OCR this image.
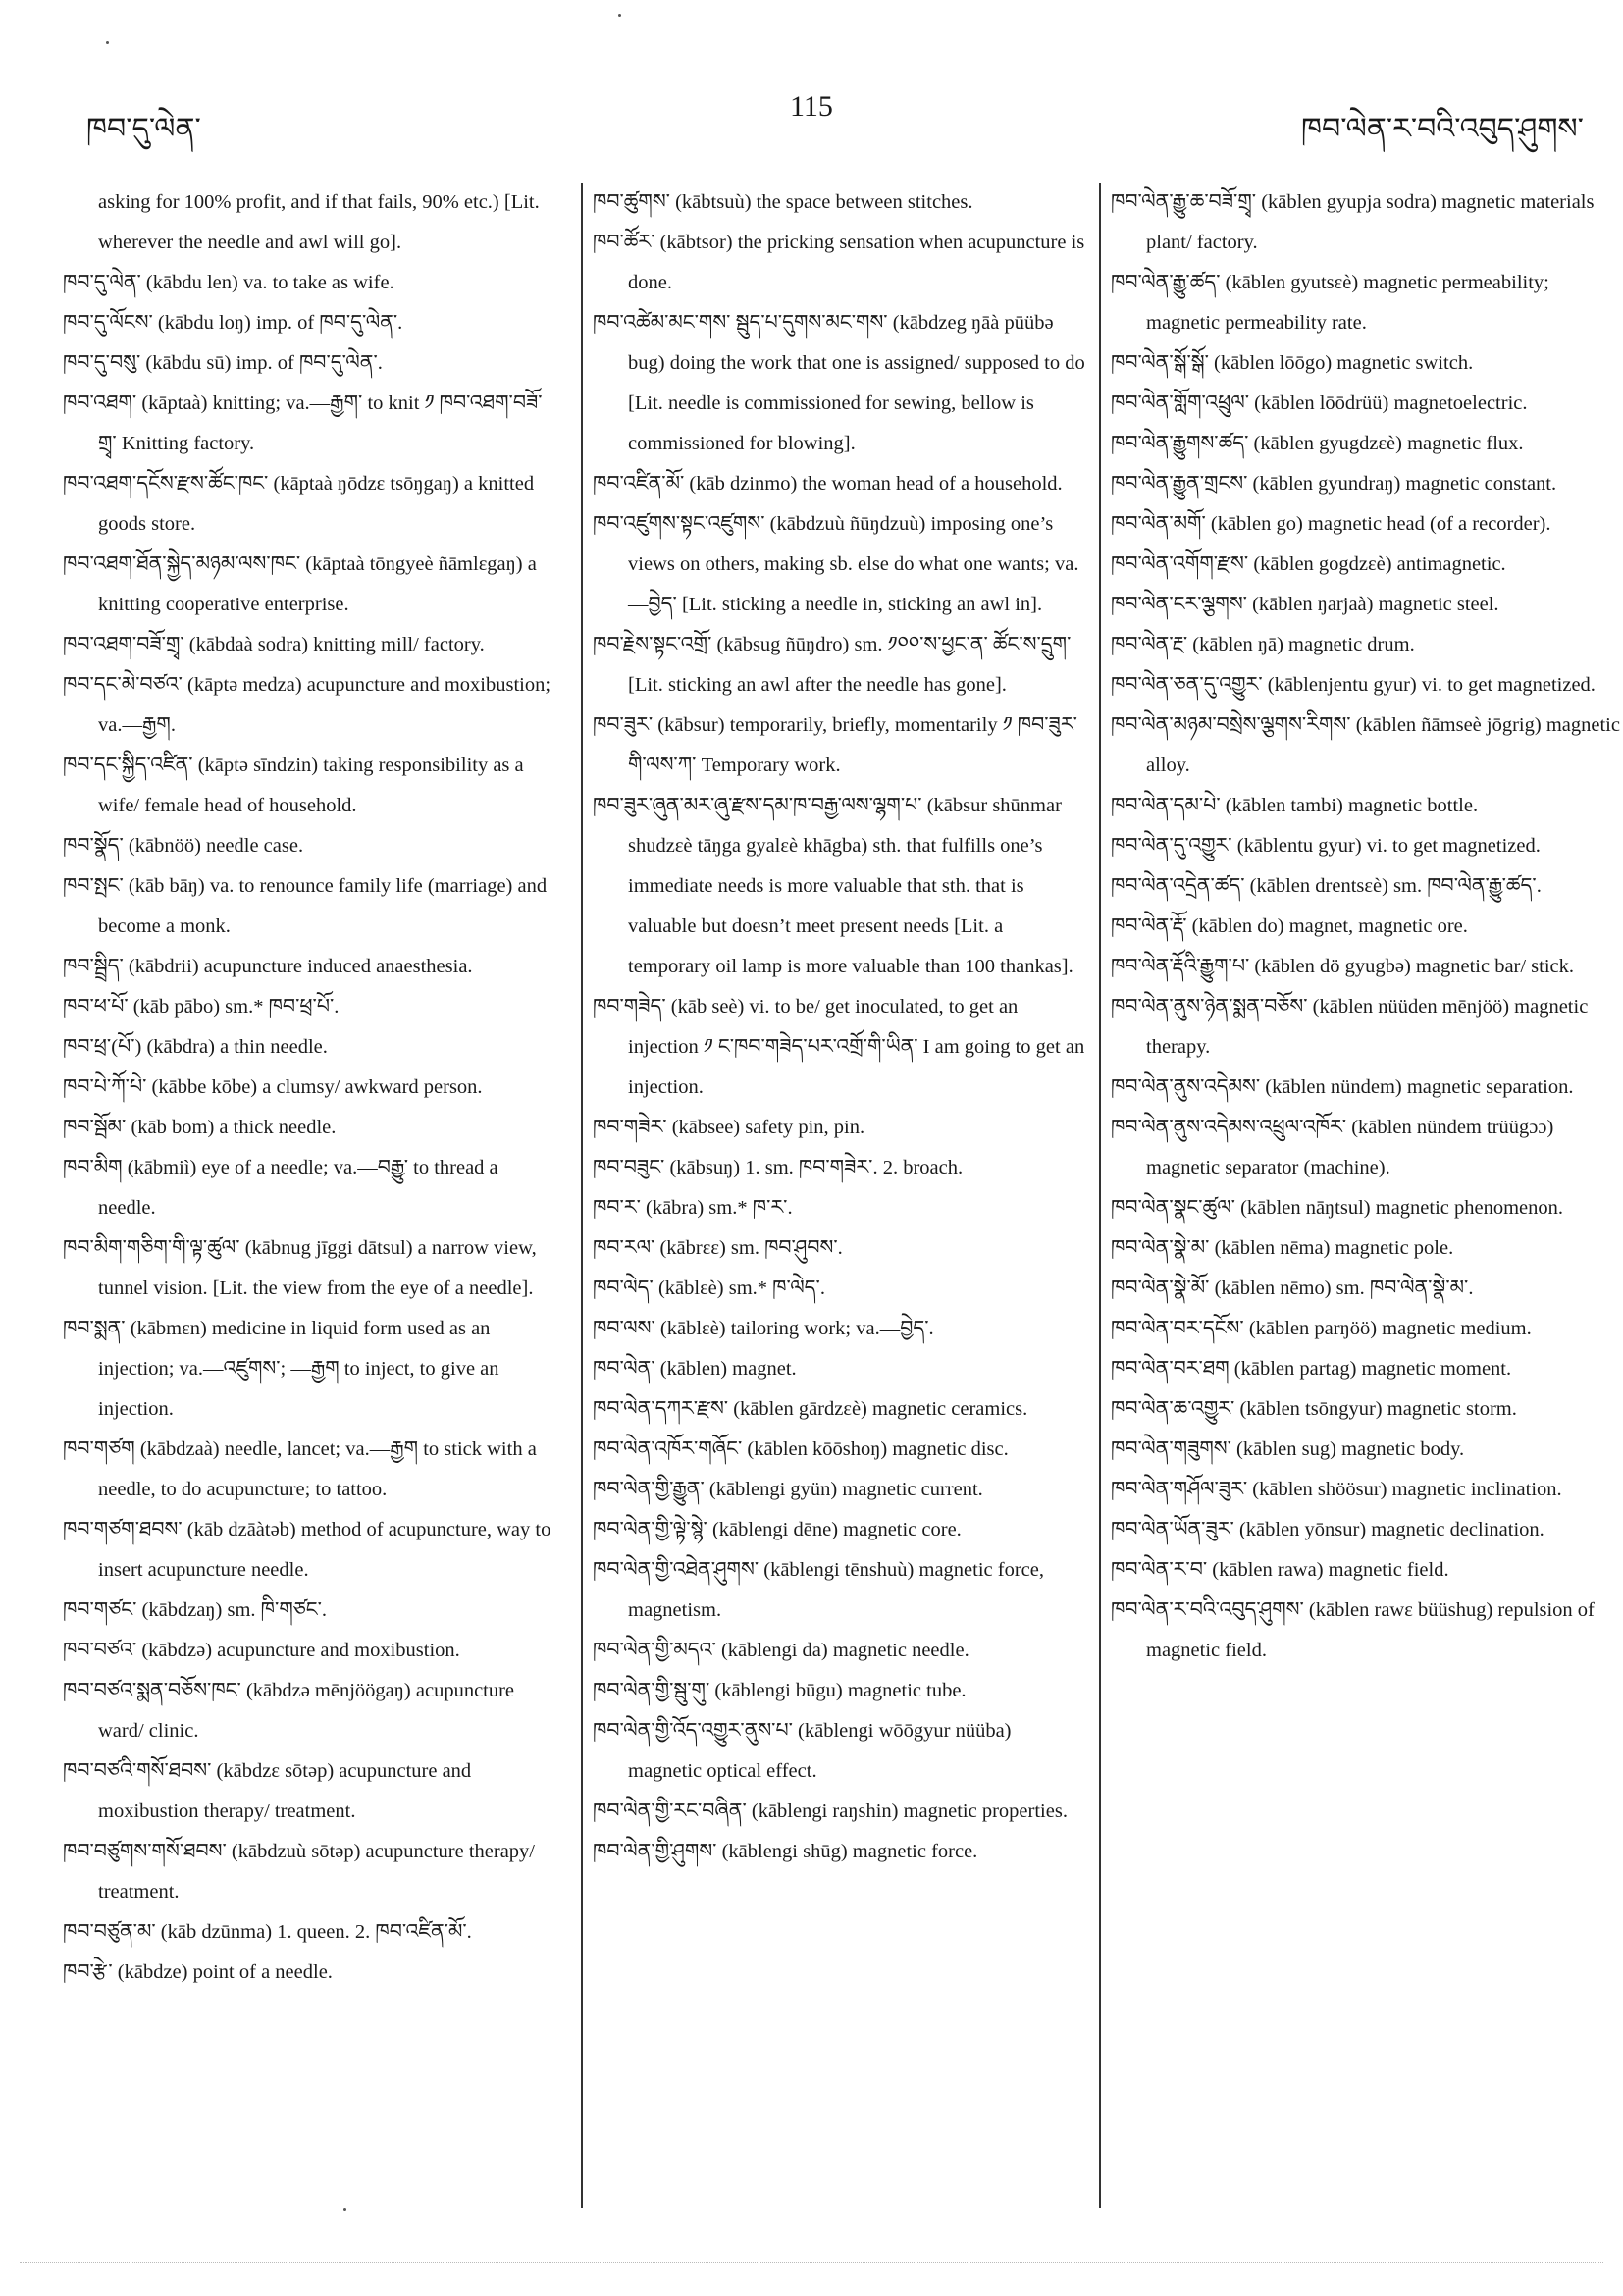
ཁབ་དུ་ལེན་
115
ཁབ་ལེན་ར་བའི་འབུད་ཤུགས་

asking for 100% profit, and if that fails, 90% etc.) [Lit. wherever the needle and awl will go].

ཁབ་དུ་ལེན་ (kābdu len) va. to take as wife.

ཁབ་དུ་ལོངས་ (kābdu loŋ) imp. of ཁབ་དུ་ལེན་.

ཁབ་དུ་བསུ་ (kābdu sū) imp. of ཁབ་དུ་ལེན་.

ཁབ་འཐག་ (kāptaà) knitting; va.—རྒྱག་ to knit ༡ ཁབ་འཐག་བཟོ་གྲྭ་ Knitting factory.

ཁབ་འཐག་དངོས་རྫས་ཚོང་ཁང་ (kāptaà ŋōdzɛ tsōŋgaŋ) a knitted goods store.

ཁབ་འཐག་ཐོན་སྐྱེད་མཉམ་ལས་ཁང་ (kāptaà tōngyeè ñāmlɛgaŋ) a knitting cooperative enterprise.

ཁབ་འཐག་བཟོ་གྲྭ་ (kābdaà sodra) knitting mill/ factory.

ཁབ་དང་མེ་བཙའ་ (kāptə medza) acupuncture and moxibustion; va.—རྒྱག.

ཁབ་དང་སྐྱིད་འཛིན་ (kāptə sīndzin) taking responsibility as a wife/ female head of household.

ཁབ་སྣོད་ (kābnöö) needle case.

ཁབ་སྤང་ (kāb bāŋ) va. to renounce family life (marriage) and become a monk.

ཁབ་སྦྲིད་ (kābdrii) acupuncture induced anaesthesia.

ཁབ་ཕ་པོ་ (kāb pābo) sm.* ཁབ་ཕྲ་པོ་.

ཁབ་ཕྲ་(པོ་) (kābdra) a thin needle.

ཁབ་པེ་ཀོ་པེ་ (kābbe kōbe) a clumsy/ awkward person.

ཁབ་སྦོམ་ (kāb bom) a thick needle.

ཁབ་མིག (kābmiì) eye of a needle; va.—བརྒྱུ་ to thread a needle.

ཁབ་མིག་གཅིག་གི་ལྟ་ཚུལ་ (kābnug jīggi dātsul) a narrow view, tunnel vision. [Lit. the view from the eye of a needle].

ཁབ་སྨན་ (kābmɛn) medicine in liquid form used as an injection; va.—འཛུགས་; —རྒྱག to inject, to give an injection.

ཁབ་གཙག (kābdzaà) needle, lancet; va.—རྒྱག to stick with a needle, to do acupuncture; to tattoo.

ཁབ་གཙག་ཐབས་ (kāb dzāàtəb) method of acupuncture, way to insert acupuncture needle.

ཁབ་གཙང་ (kābdzaŋ) sm. ཁི་གཙང་.

ཁབ་བཙའ་ (kābdzə) acupuncture and moxibustion.

ཁབ་བཙའ་སྨན་བཅོས་ཁང་ (kābdzə mēnjöögaŋ) acupuncture ward/ clinic.

ཁབ་བཙའི་གསོ་ཐབས་ (kābdzɛ sōtəp) acupuncture and moxibustion therapy/ treatment.

ཁབ་བཙུགས་གསོ་ཐབས་ (kābdzuù sōtəp) acupuncture therapy/ treatment.

ཁབ་བཙུན་མ་ (kāb dzūnma) 1. queen. 2. ཁབ་འཛིན་མོ་.

ཁབ་རྩེ་ (kābdze) point of a needle.

ཁབ་ཚུགས་ (kābtsuù) the space between stitches.

ཁབ་ཚོར་ (kābtsor) the pricking sensation when acupuncture is done.

ཁབ་འཚེམ་མང་གས་ སྦུད་པ་དུགས་མང་གས་ (kābdzeg ŋāà pūübə bug) doing the work that one is assigned/ supposed to do [Lit. needle is commissioned for sewing, bellow is commissioned for blowing].

ཁབ་འཛིན་མོ་ (kāb dzinmo) the woman head of a household.

ཁབ་འཛུགས་སྟང་འཛུགས་ (kābdzuù ñūŋdzuù) imposing one’s views on others, making sb. else do what one wants; va.—བྱེད་ [Lit. sticking a needle in, sticking an awl in].

ཁབ་རྗེས་སྟང་འགྲོ་ (kābsug ñūŋdro) sm. ༡༠༠་ས་ཕྱང་ན་ ཚོང་ས་དྲུག་ [Lit. sticking an awl after the needle has gone].

ཁབ་ཟུར་ (kābsur) temporarily, briefly, momentarily ༡ ཁབ་ཟུར་གི་ལས་ཀ་ Temporary work.

ཁབ་ཟུར་ཞུན་མར་ཞུ་རྫས་དམ་ཁ་བརྒྱ་ལས་ལྷག་པ་ (kābsur shūnmar shudzɛè tāŋga gyalɛè khāgba) sth. that fulfills one’s immediate needs is more valuable that sth. that is valuable but doesn’t meet present needs [Lit. a temporary oil lamp is more valuable than 100 thankas].

ཁབ་གཟེད་ (kāb seè) vi. to be/ get inoculated, to get an injection ༡ ང་ཁབ་གཟེད་པར་འགྲོ་གི་ཡིན་ I am going to get an injection.

ཁབ་གཟེར་ (kābsee) safety pin, pin.

ཁབ་བཟུང་ (kābsuŋ) 1. sm. ཁབ་གཟེར་. 2. broach.

ཁབ་ར་ (kābra) sm.* ཁ་ར་.

ཁབ་རལ་ (kābrɛɛ) sm. ཁབ་ཤུབས་.

ཁབ་ལེད་ (kāblɛè) sm.* ཁ་ལེད་.

ཁབ་ལས་ (kāblɛè) tailoring work; va.—བྱེད་.

ཁབ་ལེན་ (kāblen) magnet.

ཁབ་ལེན་དཀར་རྫས་ (kāblen gārdzɛè) magnetic ceramics.

ཁབ་ལེན་འཁོར་གཞོང་ (kāblen kōōshoŋ) magnetic disc.

ཁབ་ལེན་གྱི་རྒྱུན་ (kāblengi gyün) magnetic current.

ཁབ་ལེན་གྱི་ལྟེ་སྙེ་ (kāblengi dēne) magnetic core.

ཁབ་ལེན་གྱི་འཐེན་ཤུགས་ (kāblengi tēnshuù) magnetic force, magnetism.

ཁབ་ལེན་གྱི་མདའ་ (kāblengi da) magnetic needle.

ཁབ་ལེན་གྱི་སྦུ་གུ་ (kāblengi būgu) magnetic tube.

ཁབ་ལེན་གྱི་འོད་འགྱུར་ནུས་པ་ (kāblengi wōōgyur nüüba) magnetic optical effect.

ཁབ་ལེན་གྱི་རང་བཞིན་ (kāblengi raŋshin) magnetic properties.

ཁབ་ལེན་གྱི་ཤུགས་ (kāblengi shūg) magnetic force.

ཁབ་ལེན་རྒྱུ་ཆ་བཟོ་གྲྭ་ (kāblen gyupja sodra) magnetic materials plant/ factory.

ཁབ་ལེན་རྒྱུ་ཚད་ (kāblen gyutsɛè) magnetic permeability; magnetic permeability rate.

ཁབ་ལེན་སྒོ་སྒོ་ (kāblen lōōgo) magnetic switch.

ཁབ་ལེན་གློག་འཕྲུལ་ (kāblen lōōdrüü) magnetoelectric.

ཁབ་ལེན་རྒྱུགས་ཚད་ (kāblen gyugdzɛè) magnetic flux.

ཁབ་ལེན་རྒྱུན་གྲངས་ (kāblen gyundraŋ) magnetic constant.

ཁབ་ལེན་མགོ་ (kāblen go) magnetic head (of a recorder).

ཁབ་ལེན་འགོག་རྫས་ (kāblen gogdzɛè) antimagnetic.

ཁབ་ལེན་ངར་ལྕགས་ (kāblen ŋarjaà) magnetic steel.

ཁབ་ལེན་རྔ་ (kāblen ŋā) magnetic drum.

ཁབ་ལེན་ཅན་དུ་འགྱུར་ (kāblenjentu gyur) vi. to get magnetized.

ཁབ་ལེན་མཉམ་བསྲེས་ལྕགས་རིགས་ (kāblen ñāmseè jōgrig) magnetic alloy.

ཁབ་ལེན་དམ་པེ་ (kāblen tambi) magnetic bottle.

ཁབ་ལེན་དུ་འགྱུར་ (kāblentu gyur) vi. to get magnetized.

ཁབ་ལེན་འདྲེན་ཚད་ (kāblen drentsɛè) sm. ཁབ་ལེན་རྒྱུ་ཚད་.

ཁབ་ལེན་རྡོ་ (kāblen do) magnet, magnetic ore.

ཁབ་ལེན་རྡོའི་རྒྱུག་པ་ (kāblen dö gyugbə) magnetic bar/ stick.

ཁབ་ལེན་ནུས་ཉེན་སྨན་བཅོས་ (kāblen nüüden mēnjöö) magnetic therapy.

ཁབ་ལེན་ནུས་འདེམས་ (kāblen nündem) magnetic separation.

ཁབ་ལེན་ནུས་འདེམས་འཕྲུལ་འཁོར་ (kāblen nündem trüügɔɔ) magnetic separator (machine).

ཁབ་ལེན་སྣང་ཚུལ་ (kāblen nāŋtsul) magnetic phenomenon.

ཁབ་ལེན་སྣེ་མ་ (kāblen nēma) magnetic pole.

ཁབ་ལེན་སྣེ་མོ་ (kāblen nēmo) sm. ཁབ་ལེན་སྣེ་མ་.

ཁབ་ལེན་བར་དངོས་ (kāblen parŋöö) magnetic medium.

ཁབ་ལེན་བར་ཐག (kāblen partag) magnetic moment.

ཁབ་ལེན་ཆ་འགྱུར་ (kāblen tsōngyur) magnetic storm.

ཁབ་ལེན་གཟུགས་ (kāblen sug) magnetic body.

ཁབ་ལེན་གཤོལ་ཟུར་ (kāblen shöösur) magnetic inclination.

ཁབ་ལེན་ཡོན་ཟུར་ (kāblen yōnsur) magnetic declination.

ཁབ་ལེན་ར་བ་ (kāblen rawa) magnetic field.

ཁབ་ལེན་ར་བའི་འབུད་ཤུགས་ (kāblen rawɛ büüshug) repulsion of magnetic field.
